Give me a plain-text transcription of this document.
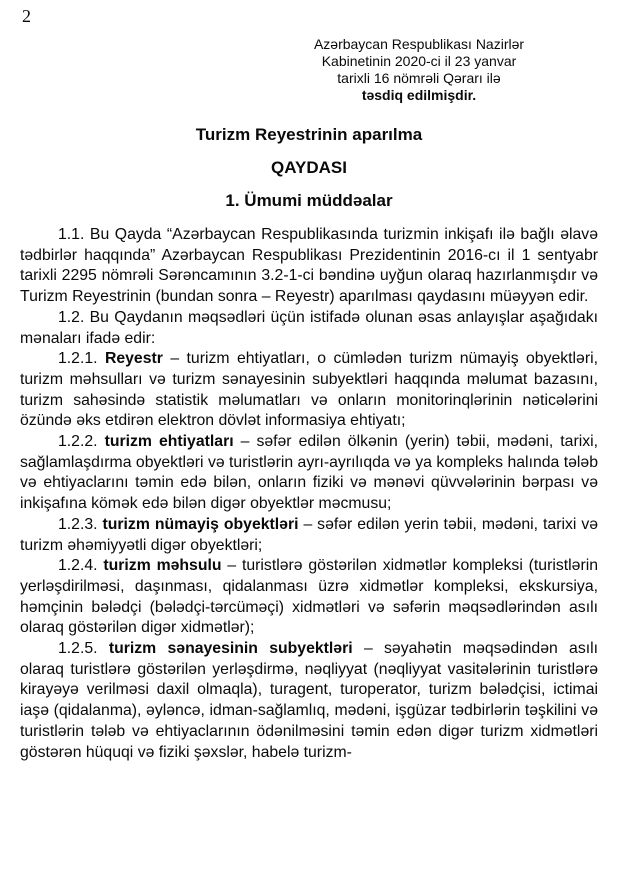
2
Azərbaycan Respublikası Nazirlər
Kabinetinin 2020-ci il 23 yanvar
tarixli 16 nömrəli Qərarı ilə
təsdiq edilmişdir.
Turizm Reyestrinin aparılma
QAYDASI
1. Ümumi müddəalar

1.1. Bu Qayda “Azərbaycan Respublikasında turizmin inkişafı ilə bağlı əlavə tədbirlər haqqında” Azərbaycan Respublikası Prezidentinin 2016-cı il 1 sentyabr tarixli 2295 nömrəli Sərəncamının 3.2-1-ci bəndinə uyğun olaraq hazırlanmışdır və Turizm Reyestrinin (bundan sonra – Reyestr) aparılması qaydasını müəyyən edir.

1.2. Bu Qaydanın məqsədləri üçün istifadə olunan əsas anlayışlar aşağıdakı mənaları ifadə edir:

1.2.1. Reyestr – turizm ehtiyatları, o cümlədən turizm nümayiş obyektləri, turizm məhsulları və turizm sənayesinin subyektləri haqqında məlumat bazasını, turizm sahəsində statistik məlumatları və onların monitorinqlərinin nəticələrini özündə əks etdirən elektron dövlət informasiya ehtiyatı;

1.2.2. turizm ehtiyatları – səfər edilən ölkənin (yerin) təbii, mədəni, tarixi, sağlamlaşdırma obyektləri və turistlərin ayrı-ayrılıqda və ya kompleks halında tələb və ehtiyaclarını təmin edə bilən, onların fiziki və mənəvi qüvvələrinin bərpası və inkişafına kömək edə bilən digər obyektlər məcmusu;

1.2.3. turizm nümayiş obyektləri – səfər edilən yerin təbii, mədəni, tarixi və turizm əhəmiyyətli digər obyektləri;

1.2.4. turizm məhsulu – turistlərə göstərilən xidmətlər kompleksi (turistlərin yerləşdirilməsi, daşınması, qidalanması üzrə xidmətlər kompleksi, ekskursiya, həmçinin bələdçi (bələdçi-tərcüməçi) xidmətləri və səfərin məqsədlərindən asılı olaraq göstərilən digər xidmətlər);

1.2.5. turizm sənayesinin subyektləri – səyahətin məqsədindən asılı olaraq turistlərə göstərilən yerləşdirmə, nəqliyyat (nəqliyyat vasitələrinin turistlərə kirayəyə verilməsi daxil olmaqla), turagent, turoperator, turizm bələdçisi, ictimai iaşə (qidalanma), əyləncə, idman-sağlamlıq, mədəni, işgüzar tədbirlərin təşkilini və turistlərin tələb və ehtiyaclarının ödənilməsini təmin edən digər turizm xidmətləri göstərən hüquqi və fiziki şəxslər, habelə turizm-
